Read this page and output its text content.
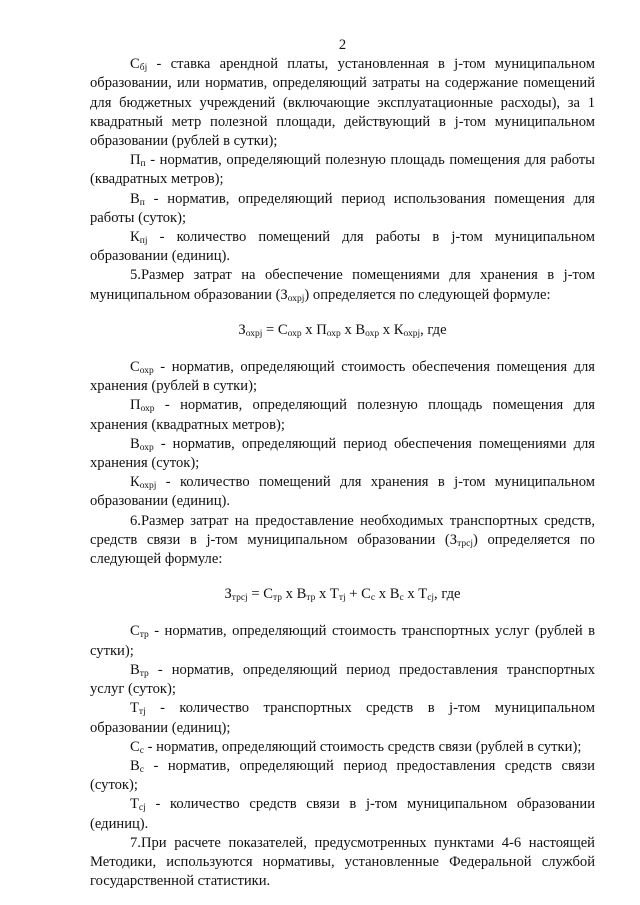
2

$С_{бj}$ - ставка арендной платы, установленная в j-том муниципальном образовании, или норматив, определяющий затраты на содержание помещений для бюджетных учреждений (включающие эксплуатационные расходы), за 1 квадратный метр полезной площади, действующий в j-том муниципальном образовании (рублей в сутки);

$П_п$ - норматив, определяющий полезную площадь помещения для работы (квадратных метров);

$В_п$ - норматив, определяющий период использования помещения для работы (суток);

$К_{пj}$ - количество помещений для работы в j-том муниципальном образовании (единиц).

5.Размер затрат на обеспечение помещениями для хранения в j-том муниципальном образовании $(З_{охрj})$ определяется по следующей формуле:

$З_{охрj} = С_{охр}$ х $П_{охр}$ х $В_{охр}$ х $К_{охрj}$, где

$С_{охр}$ - норматив, определяющий стоимость обеспечения помещения для хранения (рублей в сутки);

$П_{охр}$ - норматив, определяющий полезную площадь помещения для хранения (квадратных метров);

$В_{охр}$ - норматив, определяющий период обеспечения помещениями для хранения (суток);

$К_{охрj}$ - количество помещений для хранения в j-том муниципальном образовании (единиц).

6.Размер затрат на предоставление необходимых транспортных средств, средств связи в j-том муниципальном образовании $(З_{трсj})$ определяется по следующей формуле:

$З_{трсj} = С_{тр}$ х $В_{тр}$ х $Т_{тj} + С_с$ х $В_с$ х $Т_{сj}$, где

$С_{тр}$ - норматив, определяющий стоимость транспортных услуг (рублей в сутки);

$В_{тр}$ - норматив, определяющий период предоставления транспортных услуг (суток);

$Т_{тj}$ - количество транспортных средств в j-том муниципальном образовании (единиц);

$С_с$ - норматив, определяющий стоимость средств связи (рублей в сутки);

$В_с$ - норматив, определяющий период предоставления средств связи (суток);

$Т_{сj}$ - количество средств связи в j-том муниципальном образовании (единиц).

7.При расчете показателей, предусмотренных пунктами 4-6 настоящей Методики, используются нормативы, установленные Федеральной службой государственной статистики.
